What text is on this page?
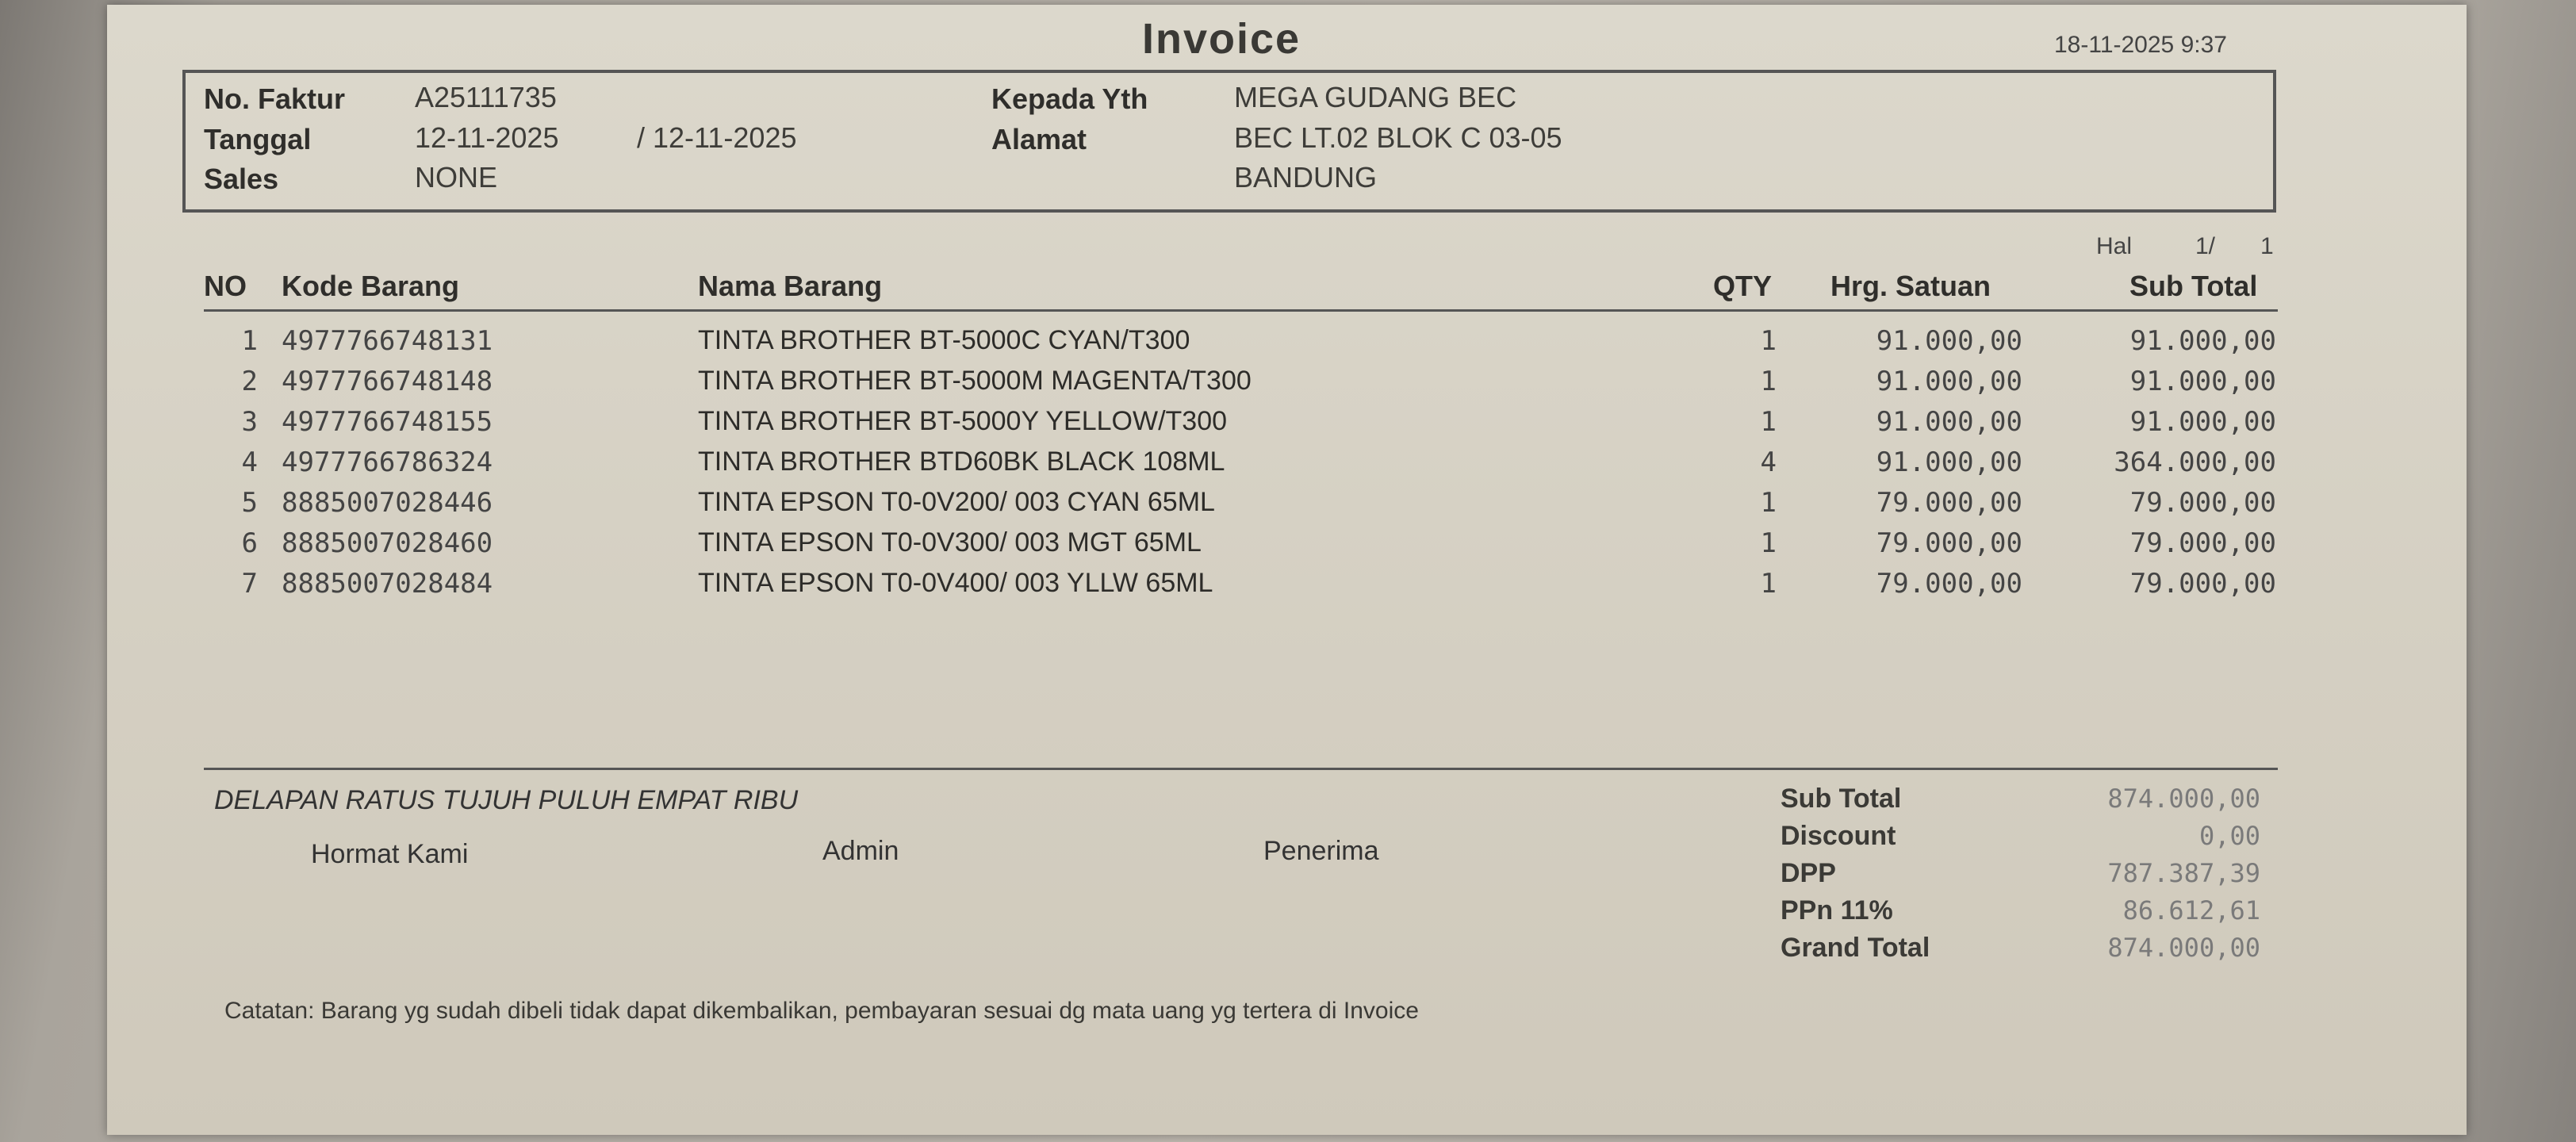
Invoice	18-11-2025 9:37
No. Faktur A25111735
Tanggal	12-11-2025	/ 12-11-2025
Sales	NONE
Kepada Yth	MEGA GUDANG BEC
Alamat	BEC LT.02 BLOK C 03-05
BANDUNG
Hal	1/ 1
NO Kode Barang	Nama Barang	QTY Hrg. Satuan	Sub Total
1 4977766748131	TINTA BROTHER BT-5000C CYAN/T300	1	91.000,00	91.000,00
2 4977766748148	TINTA BROTHER BT-5000M MAGENTA/T300	1	91.000,00	91.000,00
3 4977766748155	TINTA BROTHER BT-5000Y YELLOW/T300	1	91.000,00	91.000,00
4 4977766786324	TINTA BROTHER BTD60BK BLACK 108ML	4	91.000,00	364.000,00
5 8885007028446	TINTA EPSON T0-0V200/ 003 CYAN 65ML	1	79.000,00	79.000,00
6 8885007028460	TINTA EPSON T0-0V300/ 003 MGT 65ML	1	79.000,00	79.000,00
7 8885007028484	TINTA EPSON T0-0V400/ 003 YLLW 65ML	1	79.000,00	79.000,00
DELAPAN RATUS TUJUH PULUH EMPAT RIBU
Hormat Kami	Admin	Penerima
Sub Total	874.000,00
Discount	0,00
DPP	787.387,39
PPn 11%	86.612,61
Grand Total	874.000,00
Catatan: Barang yg sudah dibeli tidak dapat dikembalikan, pembayaran sesuai dg mata uang yg tertera di Invoice
